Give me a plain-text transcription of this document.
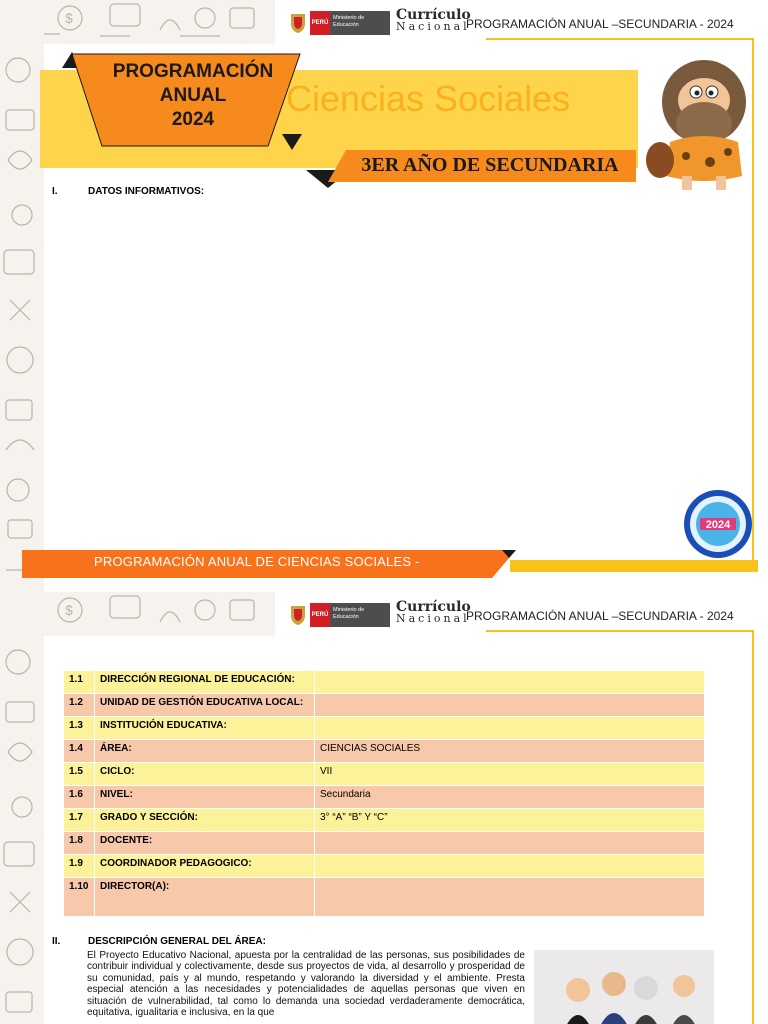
$	PERÚ
Ministerio de Educación
Currículo
Nacional
PROGRAMACIÓN ANUAL –SECUNDARIA - 2024
Ciencias Sociales
PROGRAMACIÓN
ANUAL
2024
3ER AÑO DE SECUNDARIA
I.	DATOS INFORMATIVOS:
2024
PROGRAMACIÓN ANUAL DE CIENCIAS SOCIALES -
$	PERÚ
Ministerio de Educación
Currículo
Nacional
PROGRAMACIÓN ANUAL –SECUNDARIA - 2024
1.1	DIRECCIÓN REGIONAL DE EDUCACIÓN:	
1.2	UNIDAD DE GESTIÓN EDUCATIVA LOCAL:	
1.3	INSTITUCIÓN EDUCATIVA:	
1.4	ÁREA:	CIENCIAS SOCIALES
1.5	CICLO:	VII
1.6	NIVEL:	Secundaria
1.7	GRADO Y SECCIÓN:	3° “A” “B” Y “C”
1.8	DOCENTE:	
1.9	COORDINADOR PEDAGOGICO:	
1.10	DIRECTOR(A):	
II.	DESCRIPCIÓN GENERAL DEL ÁREA:
El Proyecto Educativo Nacional, apuesta por la centralidad de las personas, sus posibilidades de contribuir individual y colectivamente, desde sus proyectos de vida, al desarrollo y prosperidad de su comunidad, país y al mundo, respetando y valorando la diversidad y el ambiente. Presta especial atención a las necesidades y potencialidades de aquellas personas que viven en situación de vulnerabilidad, tal como lo demanda una sociedad verdaderamente democrática, equitativa, igualitaria e inclusiva, en la que
